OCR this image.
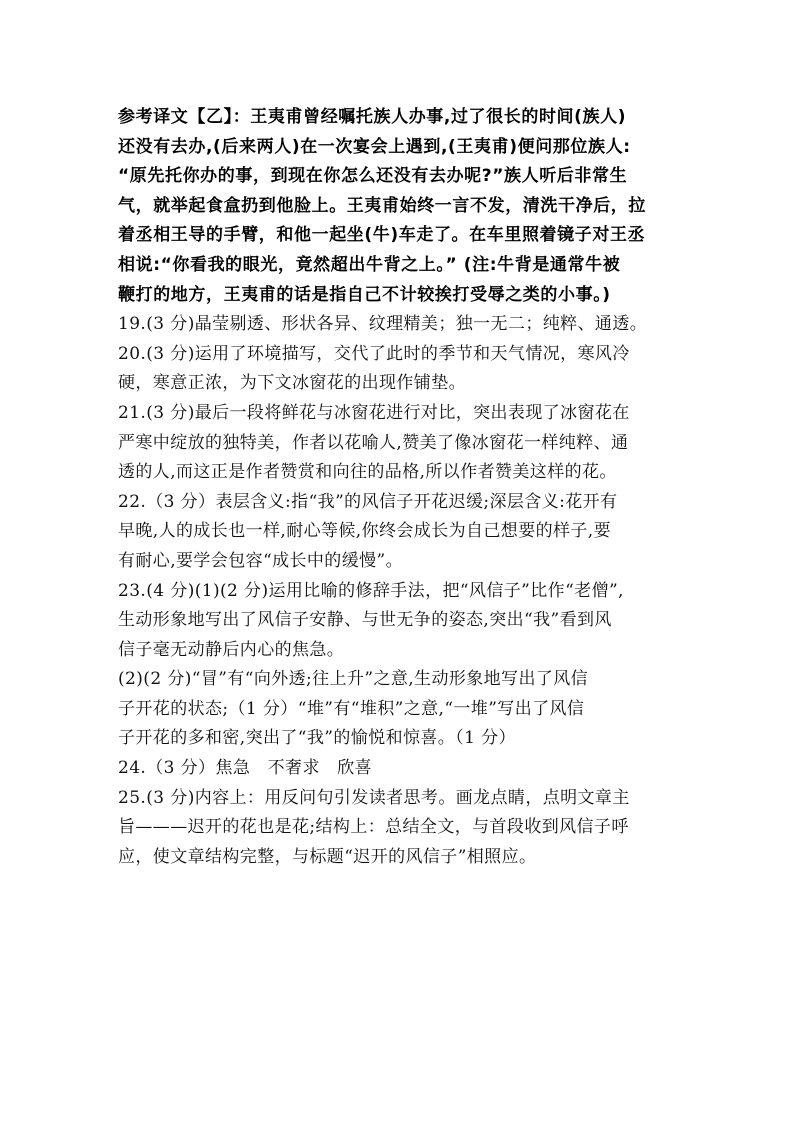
参考译文【乙】：王夷甫曾经嘱托族人办事,过了很长的时间(族人)
还没有去办,(后来两人)在一次宴会上遇到,(王夷甫)便问那位族人:
“原先托你办的事，到现在你怎么还没有去办呢?”族人听后非常生
气，就举起食盒扔到他脸上。王夷甫始终一言不发，清洗干净后，拉
着丞相王导的手臂，和他一起坐(牛)车走了。在车里照着镜子对王丞
相说:“你看我的眼光，竟然超出牛背之上。” (注:牛背是通常牛被
鞭打的地方，王夷甫的话是指自己不计较挨打受辱之类的小事。)
19.(3 分)晶莹剔透、形状各异、纹理精美；独一无二；纯粹、通透。
20.(3 分)运用了环境描写，交代了此时的季节和天气情况，寒风冷
硬，寒意正浓，为下文冰窗花的出现作铺垫。
21.(3 分)最后一段将鲜花与冰窗花进行对比，突出表现了冰窗花在
严寒中绽放的独特美，作者以花喻人,赞美了像冰窗花一样纯粹、通
透的人,而这正是作者赞赏和向往的品格,所以作者赞美这样的花。
22.（3 分）表层含义:指“我”的风信子开花迟缓;深层含义:花开有
早晚,人的成长也一样,耐心等候,你终会成长为自己想要的样子,要
有耐心,要学会包容“成长中的缓慢”。
23.(4 分)(1)(2 分)运用比喻的修辞手法，把“风信子”比作“老僧”,
生动形象地写出了风信子安静、与世无争的姿态,突出“我”看到风
信子毫无动静后内心的焦急。
(2)(2 分)“冒”有“向外透;往上升”之意,生动形象地写出了风信
子开花的状态;（1 分）“堆”有“堆积”之意,“一堆”写出了风信
子开花的多和密,突出了“我”的愉悦和惊喜。（1 分）
24.（3 分）焦急　不奢求　欣喜
25.(3 分)内容上：用反问句引发读者思考。画龙点睛，点明文章主
旨———迟开的花也是花;结构上：总结全文，与首段收到风信子呼
应，使文章结构完整，与标题“迟开的风信子”相照应。
